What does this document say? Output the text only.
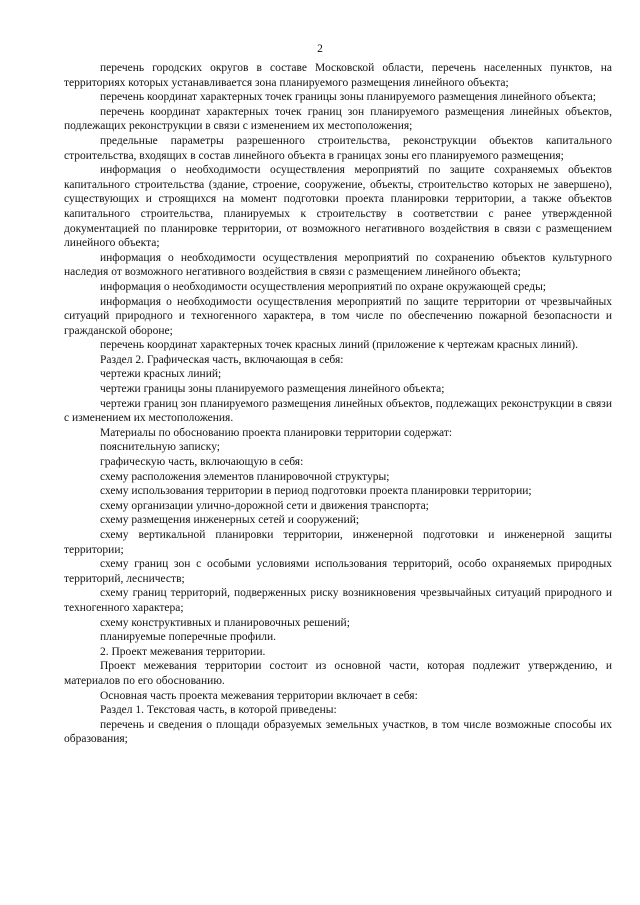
2

перечень городских округов в составе Московской области, перечень населенных пунктов, на территориях которых устанавливается зона планируемого размещения линейного объекта;

перечень координат характерных точек границы зоны планируемого размещения линейного объекта;

перечень координат характерных точек границ зон планируемого размещения линейных объектов, подлежащих реконструкции в связи с изменением их местоположения;

предельные параметры разрешенного строительства, реконструкции объектов капитального строительства, входящих в состав линейного объекта в границах зоны его планируемого размещения;

информация о необходимости осуществления мероприятий по защите сохраняемых объектов капитального строительства (здание, строение, сооружение, объекты, строительство которых не завершено), существующих и строящихся на момент подготовки проекта планировки территории, а также объектов капитального строительства, планируемых к строительству в соответствии с ранее утвержденной документацией по планировке территории, от возможного негативного воздействия в связи с размещением линейного объекта;

информация о необходимости осуществления мероприятий по сохранению объектов культурного наследия от возможного негативного воздействия в связи с размещением линейного объекта;

информация о необходимости осуществления мероприятий по охране окружающей среды;

информация о необходимости осуществления мероприятий по защите территории от чрезвычайных ситуаций природного и техногенного характера, в том числе по обеспечению пожарной безопасности и гражданской обороне;

перечень координат характерных точек красных линий (приложение к чертежам красных линий).

Раздел 2. Графическая часть, включающая в себя:

чертежи красных линий;

чертежи границы зоны планируемого размещения линейного объекта;

чертежи границ зон планируемого размещения линейных объектов, подлежащих реконструкции в связи с изменением их местоположения.

Материалы по обоснованию проекта планировки территории содержат:

пояснительную записку;

графическую часть, включающую в себя:

схему расположения элементов планировочной структуры;

схему использования территории в период подготовки проекта планировки территории;

схему организации улично-дорожной сети и движения транспорта;

схему размещения инженерных сетей и сооружений;

схему вертикальной планировки территории, инженерной подготовки и инженерной защиты территории;

схему границ зон с особыми условиями использования территорий, особо охраняемых природных территорий, лесничеств;

схему границ территорий, подверженных риску возникновения чрезвычайных ситуаций природного и техногенного характера;

схему конструктивных и планировочных решений;

планируемые поперечные профили.

2. Проект межевания территории.

Проект межевания территории состоит из основной части, которая подлежит утверждению, и материалов по его обоснованию.

Основная часть проекта межевания территории включает в себя:

Раздел 1. Текстовая часть, в которой приведены:

перечень и сведения о площади образуемых земельных участков, в том числе возможные способы их образования;
